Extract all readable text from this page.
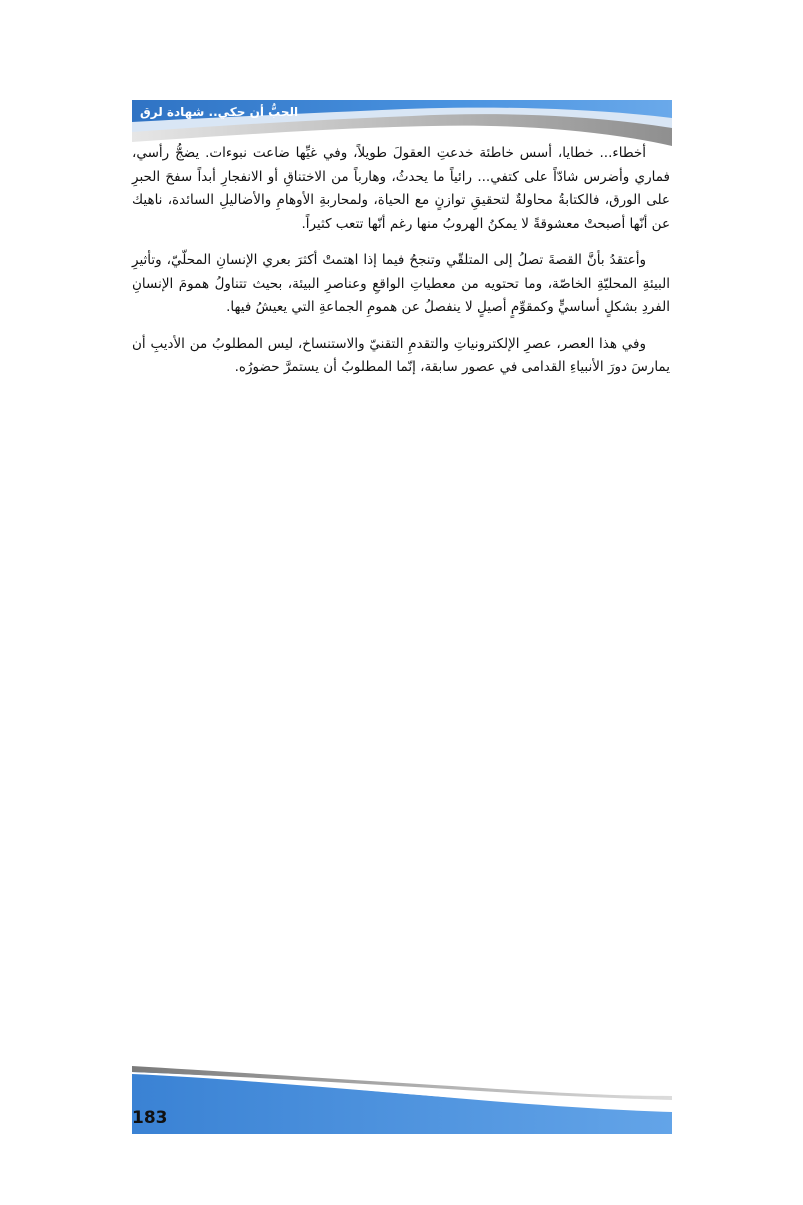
الحبُّ أن حكي.. شهادة لرق

أخطاء... خطايا، أسس خاطئة خدعتِ العقولَ طويلاً، وفي غيِّها ضاعت نبوءات. يضجُّ رأسي، فماري وأضرس شادّاً على كتفي... رائياً ما يحدثُ، وهارباً من الاختناقِ أو الانفجارِ أبداً سفحَ الحبرِ على الورق، فالكتابةُ محاولةٌ لتحقيقِ توازنٍ مع الحياة، ولمحاربةِ الأوهامِ والأضاليلِ السائدة، ناهيك عن أنّها أصبحتْ معشوقةً لا يمكنُ الهروبُ منها رغم أنّها تتعب كثيراً.

وأعتقدُ بأنَّ القصةَ تصلُ إلى المتلقّي وتنجحُ فيما إذا اهتمتْ أكثرَ بعري الإنسانِ المحلّيّ، وتأثيرِ البيئةِ المحليّةِ الخاصّة، وما تحتويه من معطياتِ الواقعِ وعناصرِ البيئة، بحيث تتناولُ همومَ الإنسانِ الفردِ بشكلٍ أساسيٍّ وكمقوِّمٍ أصيلٍ لا ينفصلُ عن همومِ الجماعةِ التي يعيشُ فيها.

وفي هذا العصر، عصرِ الإلكترونياتِ والتقدمِ التقنيّ والاستنساخ، ليس المطلوبُ من الأديبِ أن يمارسَ دورَ الأنبياءِ القدامى في عصور سابقة، إنّما المطلوبُ أن يستمرَّ حضورُه.

183
